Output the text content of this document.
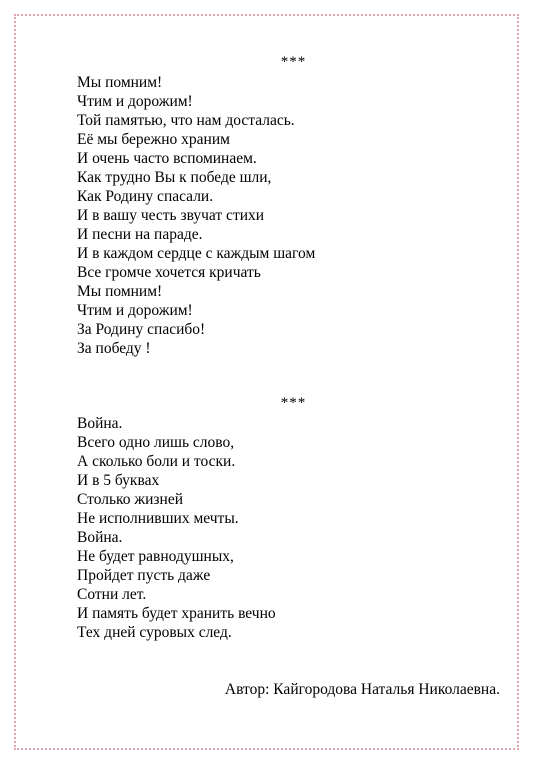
***
Мы помним!
Чтим и дорожим!
Той памятью, что нам досталась.
Её мы бережно храним
И очень часто вспоминаем.
Как трудно Вы к победе шли,
Как Родину спасали.
И в вашу честь звучат стихи
И песни на параде.
И в каждом сердце с каждым шагом
Все громче хочется кричать
Мы помним!
Чтим и дорожим!
За Родину спасибо!
За победу !
***
Война.
Всего одно лишь слово,
А сколько боли и тоски.
И в 5 буквах
Столько жизней
Не исполнивших мечты.
Война.
Не будет равнодушных,
Пройдет пусть даже
Сотни лет.
И память будет хранить вечно
Тех дней суровых след.
Автор: Кайгородова Наталья Николаевна.
